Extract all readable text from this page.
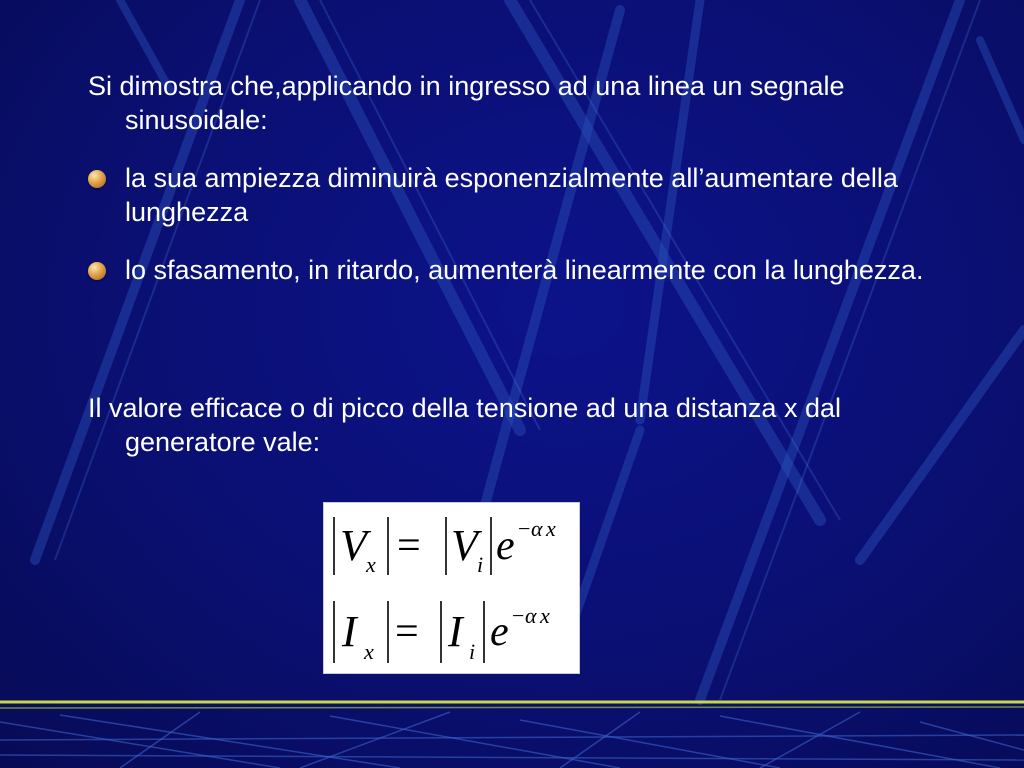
Si dimostra che,applicando in ingresso ad una linea un segnale sinusoidale:
la sua ampiezza diminuirà esponenzialmente all’aumentare della lunghezza
lo sfasamento, in ritardo, aumenterà linearmente con la lunghezza.
Il valore efficace o di picco della tensione ad una distanza x dal generatore vale:
V x = V i e − α x
I x = I i e − α x
